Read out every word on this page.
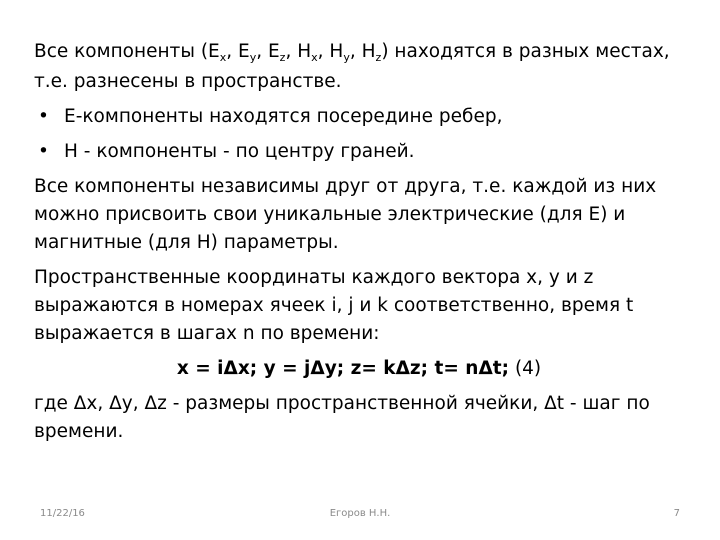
Все компоненты ($E_x$, $E_y$, $E_z$, $H_x$, $H_y$, $H_z$) находятся в разных местах, т.е. разнесены в пространстве.

• E-компоненты находятся посередине ребер,
• H - компоненты - по центру граней.

Все компоненты независимы друг от друга, т.е. каждой из них можно присвоить свои уникальные электрические (для E) и магнитные (для H) параметры.

Пространственные координаты каждого вектора x, y и z выражаются в номерах ячеек i, j и k соответственно, время t выражается в шагах n по времени:

x = iΔx; y = jΔy; z= kΔz; t= nΔt; (4)

где Δx, Δy, Δz - размеры пространственной ячейки, Δt - шаг по времени.

11/22/16	Егоров Н.Н.	7
